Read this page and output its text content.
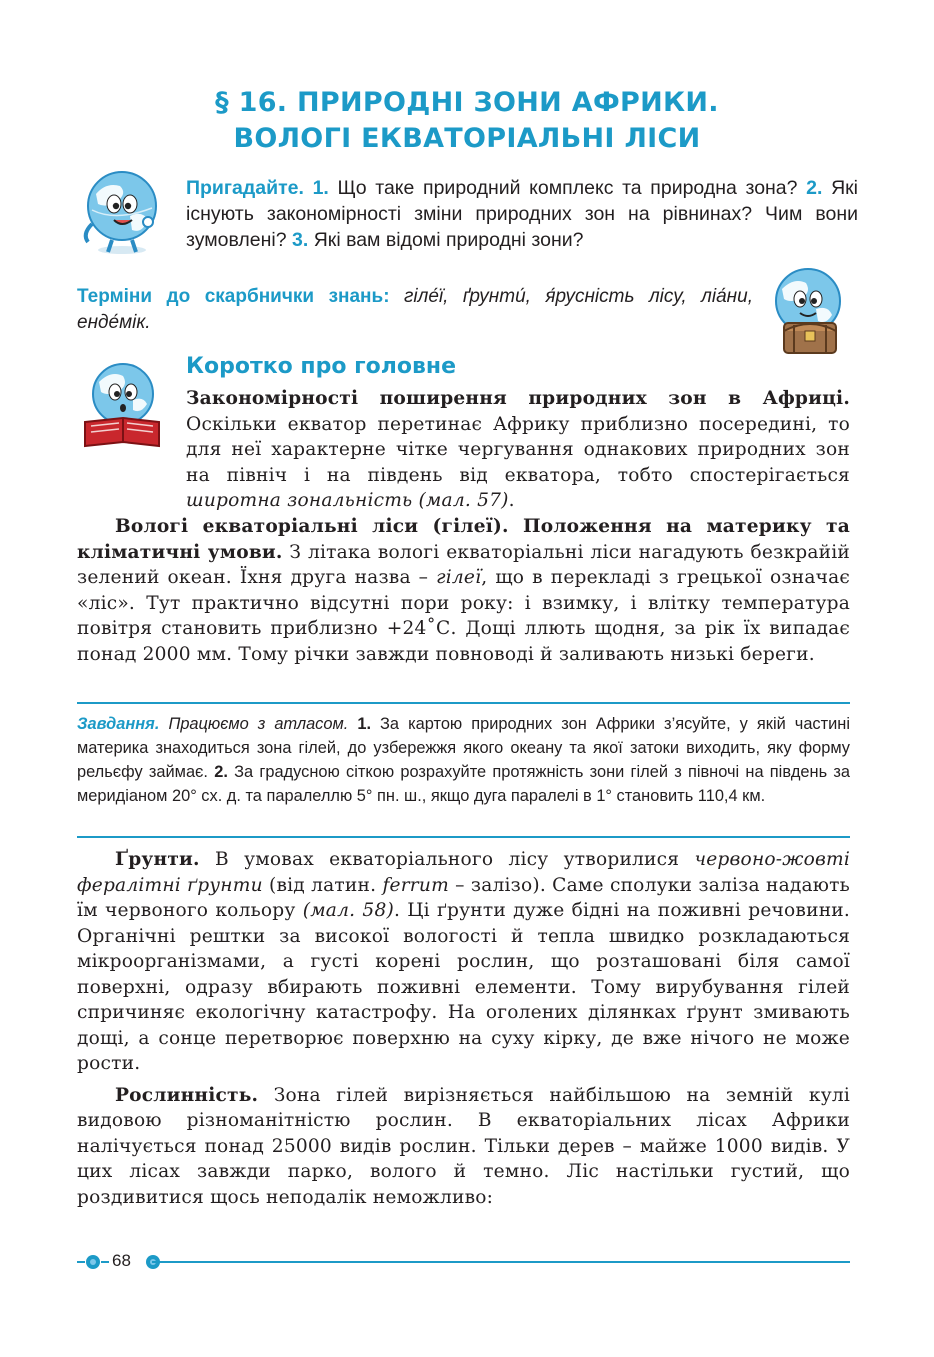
§ 16. ПРИРОДНІ ЗОНИ АФРИКИ.
ВОЛОГІ ЕКВАТОРІАЛЬНІ ЛІСИ
Пригадайте. 1. Що таке природний комплекс та природна зона? 2. Які існують закономірності зміни природних зон на рівнинах? Чим вони зумовлені? 3. Які вам відомі природні зони?
Терміни до скарбнички знань: гіле́ї, ґрунти́, я́русність лісу, лiа́ни, енде́мік.
Коротко про головне

Закономірності поширення природних зон в Африці. Оскільки екватор перетинає Африку приблизно посередині, то для неї характерне чітке чергування однакових природних зон на північ і на південь від екватора, тобто спостерігається широтна зональність (мал. 57).

Вологі екваторіальні ліси (гілеї). Положення на материку та кліматичні умови. З літака вологі екваторіальні ліси нагадують безкрайій зелений океан. Їхня друга назва – гілеї, що в перекладі з грецької означає «ліс». Тут практично відсутні пори року: і взимку, і влітку температура повітря становить приблизно +24˚С. Дощі ллють щодня, за рік їх випадає понад 2000 мм. Тому річки завжди повноводі й заливають низькі береги.

Завдання. Працюємо з атласом. 1. За картою природних зон Африки з’ясуйте, у якій частині материка знаходиться зона гілей, до узбережжя якого океану та якої затоки виходить, яку форму рельєфу займає. 2. За градусною сіткою розрахуйте протяжність зони гілей з півночі на південь за меридіаном 20° сх. д. та паралеллю 5° пн. ш., якщо дуга паралелі в 1° становить 110,4 км.

Ґрунти. В умовах екваторіального лісу утворилися червоно-жовті фералітні ґрунти (від латин. ferrum – залізо). Саме сполуки заліза надають їм червоного кольору (мал. 58). Ці ґрунти дуже бідні на поживні речовини. Органічні рештки за високої вологості й тепла швидко розкладаються мікроорганізмами, а густі корені рослин, що розташовані біля самої поверхні, одразу вбирають поживні елементи. Тому вирубування гілей спричиняє екологічну катастрофу. На оголених ділянках ґрунт змивають дощі, а сонце перетворює поверхню на суху кірку, де вже нічого не може рости.

Рослинність. Зона гілей вирізняється найбільшою на земній кулі видовою різноманітністю рослин. В екваторіальних лісах Африки налічується понад 25000 видів рослин. Тільки дерев – майже 1000 видів. У цих лісах завжди парко, волого й темно. Ліс настільки густий, що роздивитися щось неподалік неможливо:

68
